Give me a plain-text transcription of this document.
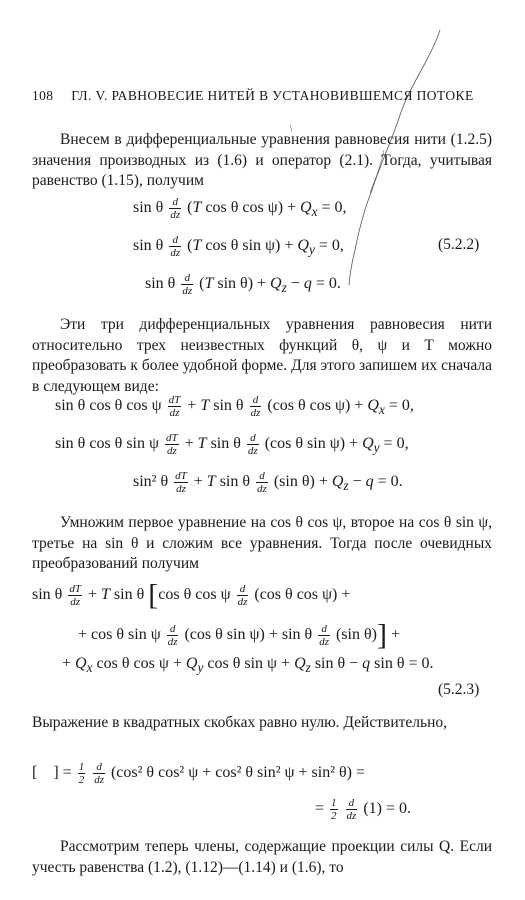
108 ГЛ. V. РАВНОВЕСИЕ НИТЕЙ В УСТАНОВИВШЕМСЯ ПОТОКЕ
Внесем в дифференциальные уравнения равновесия нити (1.2.5) значения производных из (1.6) и оператор (2.1). Тогда, учитывая равенство (1.15), получим
sin θ $\frac{d}{dz} (T$ cos θ $\cos \psi) + Q_x = 0$,
sin θ $\frac{d}{dz} (T$ cos θ $\sin \psi) + Q_y = 0$,
sin θ $\frac{d}{dz} (T$ $\sin \theta) + Q_z - q = 0$.
(5.2.2)
Эти три дифференциальных уравнения равновесия нити относительно трех неизвестных функций θ, ψ и T можно преобразовать к более удобной форме. Для этого запишем их сначала в следующем виде:
sin θ cos θ cos ψ $\frac{dT}{dz} + T$ sin θ $\frac{d}{dz} (\cos$ θ $\cos \psi) + Q_x = 0$,
sin θ cos θ sin ψ $\frac{dT}{dz} + T$ sin θ $\frac{d}{dz} (\cos$ θ $\sin \psi) + Q_y = 0$,
sin² θ $\frac{dT}{dz} + T$ sin θ $\frac{d}{dz} (\sin$ $\theta) + Q_z - q = 0$.
Умножим первое уравнение на cos θ cos ψ, второе на cos θ sin ψ, третье на sin θ и сложим все уравнения. Тогда после очевидных преобразований получим
sin θ $\frac{dT}{dz} + T$ sin θ [cos θ cos ψ $\frac{d}{dz} (\cos$ θ cos ψ) +
+ cos θ sin ψ $\frac{d}{dz} (\cos$ θ sin ψ) + sin θ $\frac{d}{dz} (\sin$ θ)] +
+ $Q_x$ cos θ $\cos \psi + Q_y$ cos θ $\sin \psi + Q_z$ sin θ − q sin θ = 0.
(5.2.3)
Выражение в квадратных скобках равно нулю. Действительно,
[ ] = $\frac{1}{2}$
$\frac{d}{dz} (\cos^2$ θ cos² ψ + cos² θ sin² ψ + sin² θ) =
= $\frac{1}{2}$
$\frac{d}{dz} (1) = 0$.
Рассмотрим теперь члены, содержащие проекции силы Q. Если учесть равенства (1.2), (1.12)—(1.14) и (1.6), то
